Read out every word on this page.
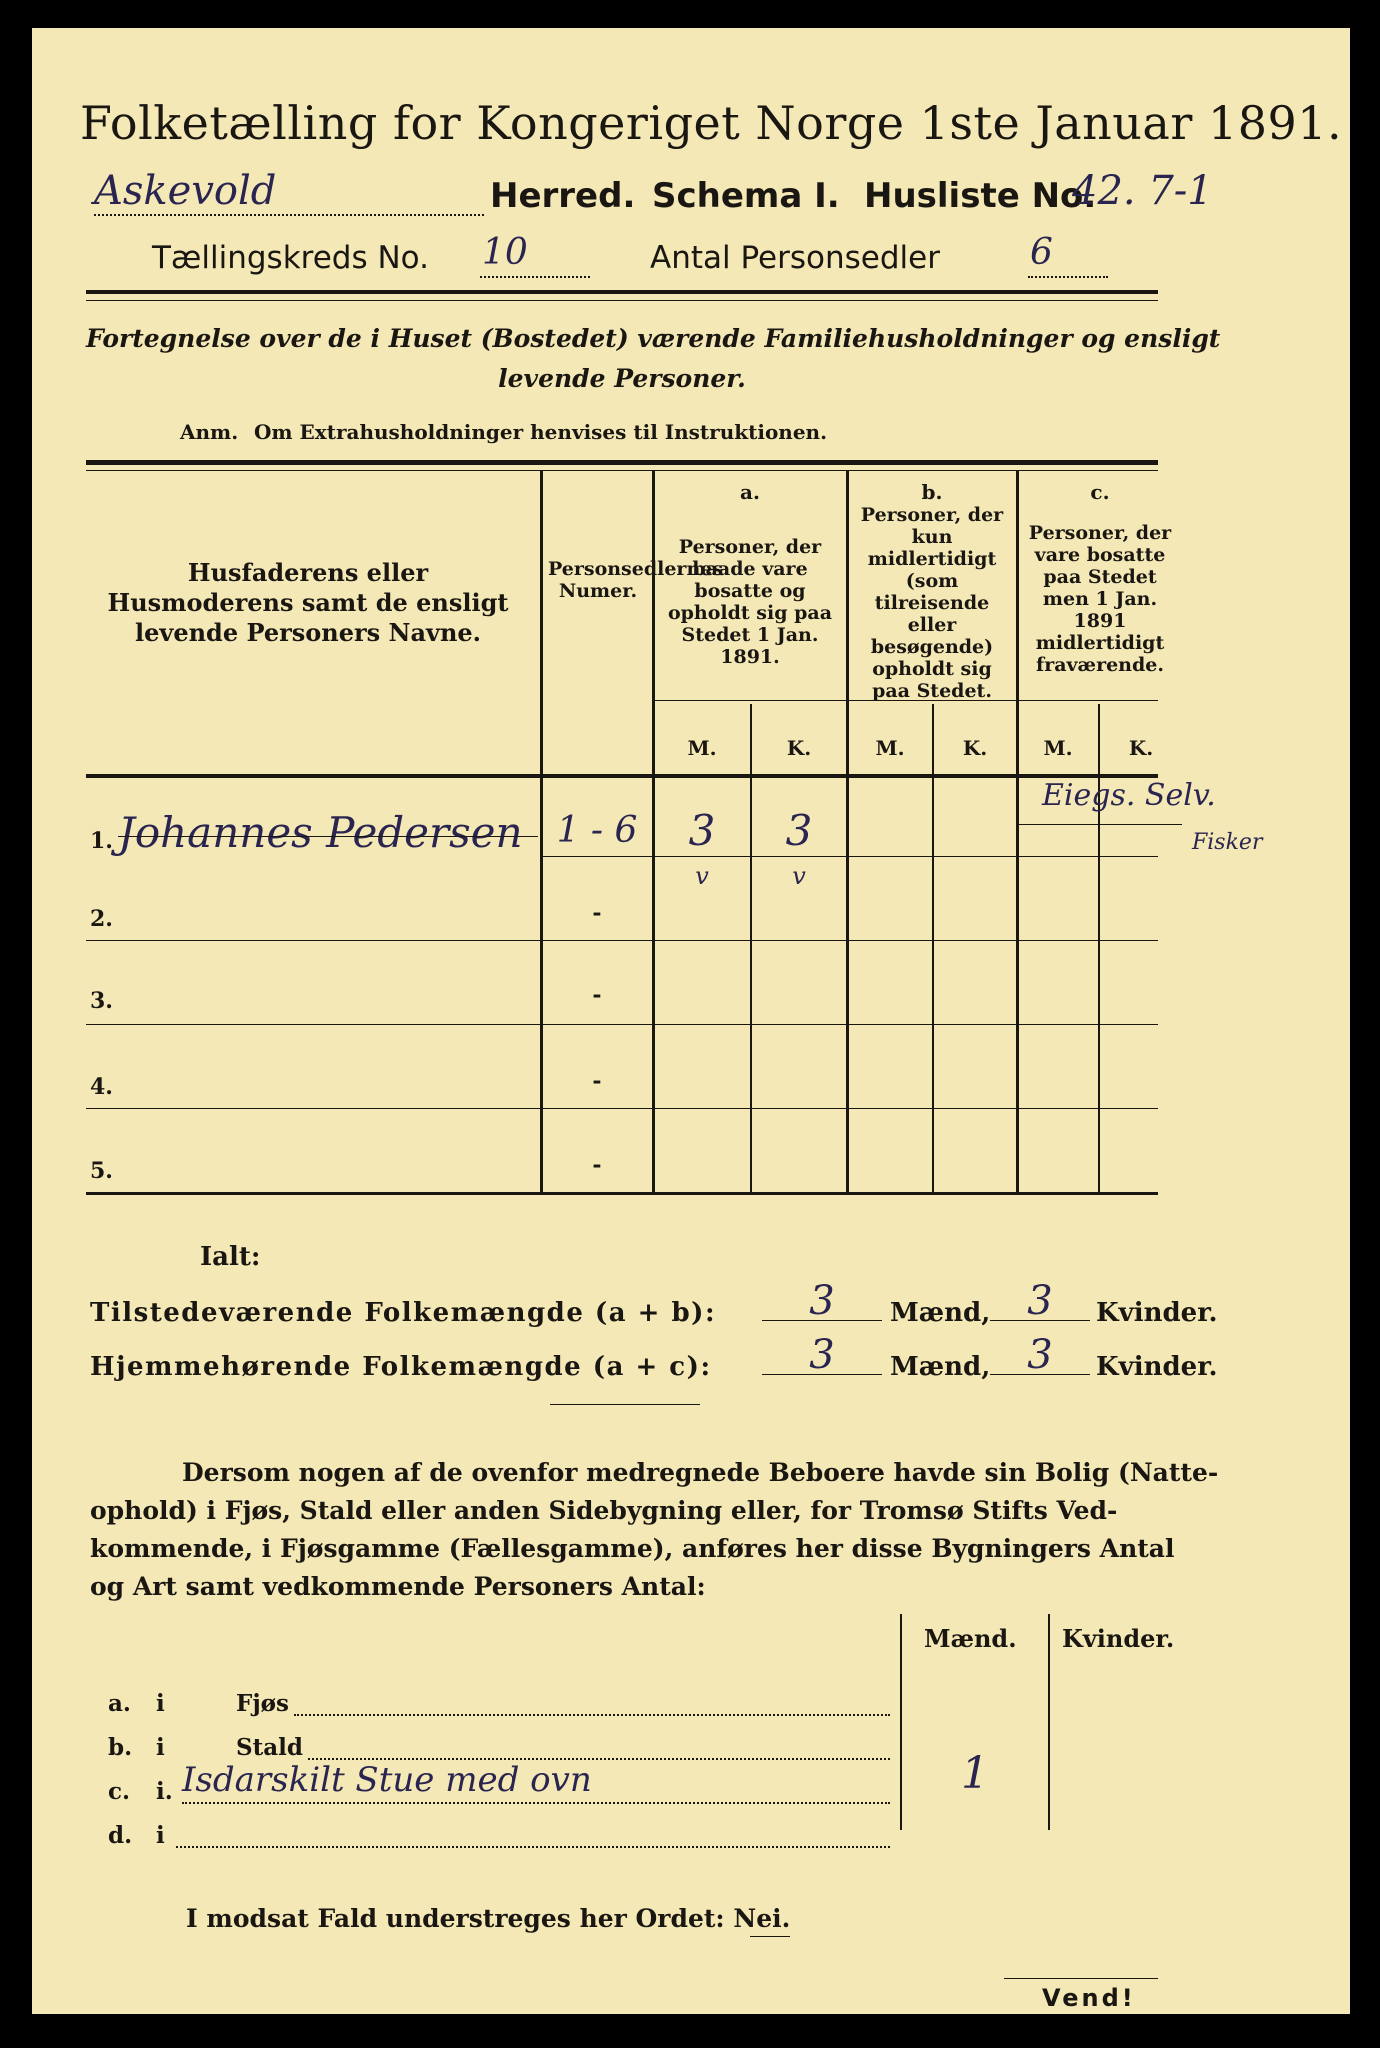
Folketælling for Kongeriget Norge 1ste Januar 1891.
Askevold	Herred. Schema I. Husliste No.
42. 7-1
Tællingskreds No. 10	Antal Personsedler	6
Fortegnelse over de i Huset (Bostedet) værende Familiehusholdninger og ensligt
levende Personer.
Anm. Om Extrahusholdninger henvises til Instruktionen.
Husfaderens eller Husmoderens samt de ensligt levende Personers Navne.
Personsedlernes Numer.
a.
Personer, der baade vare bosatte og opholdt sig paa Stedet 1 Jan. 1891.
b.
Personer, der kun midlertidigt (som tilreisende eller besøgende) opholdt sig paa Stedet.
c.
Personer, der vare bosatte paa Stedet men 1 Jan. 1891 midlertidigt fraværende.
M.	K.	M.	K.	M.	K.
1. Johannes Pedersen 1 - 6	3	3
v	v
Eiegs. Selv.
Fisker
2.	-
3.	-
4.	-
5.	-
Ialt:
Tilstedeværende Folkemængde (a + b):	3	Mænd, 3	Kvinder.
Hjemmehørende Folkemængde (a + c):	3	Mænd, 3	Kvinder.
Dersom nogen af de ovenfor medregnede Beboere havde sin Bolig (Natte-
ophold) i Fjøs, Stald eller anden Sidebygning eller, for Tromsø Stifts Ved-
kommende, i Fjøsgamme (Fællesgamme), anføres her disse Bygningers Antal
og Art samt vedkommende Personers Antal:
Mænd. Kvinder.
a. i	Fjøs
b. i	Stald
c. i. Isdarskilt Stue med ovn	1
d. i
I modsat Fald understreges her Ordet: Nei.
Vend!
